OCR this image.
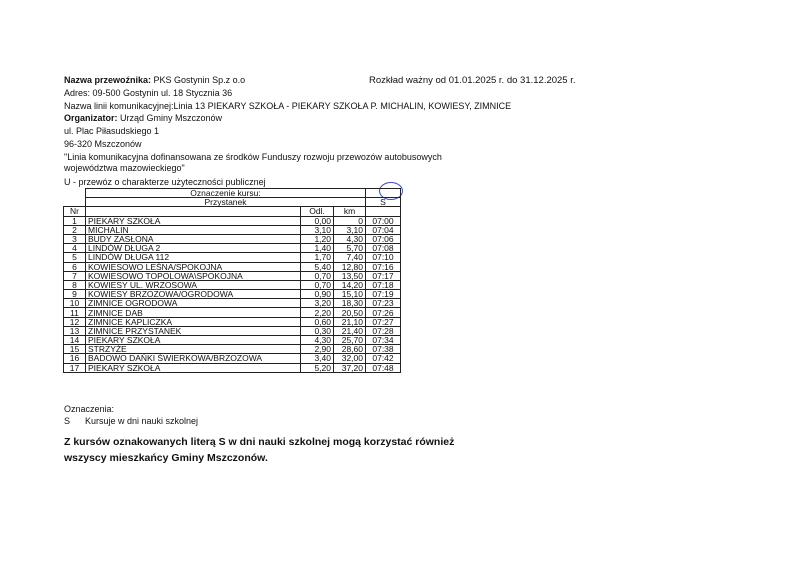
Nazwa przewoźnika: PKS Gostynin Sp.z o.o	Rozkład ważny od 01.01.2025 r. do 31.12.2025 r.
Adres: 09-500 Gostynin ul. 18 Stycznia 36
Nazwa linii komunikacyjnej:Linia 13 PIEKARY SZKOŁA - PIEKARY SZKOŁA P. MICHALIN, KOWIESY, ZIMNICE
Organizator: Urząd Gminy Mszczonów
ul. Plac Piłasudskiego 1
96-320 Mszczonów
"Linia komunikacyjna dofinansowana ze środków Funduszy rozwoju przewozów autobusowych
województwa mazowieckiego"
U - przewóz o charakterze użyteczności publicznej
	Oznaczenie kursu:			
	Przystanek			S
Nr		Odl.	km	
1	PIEKARY SZKOŁA	0,00	0	07:00
2	MICHALIN	3,10	3,10	07:04
3	BUDY ZASŁONA	1,20	4,30	07:06
4	LINDÓW DŁUGA 2	1,40	5,70	07:08
5	LINDÓW DŁUGA 112	1,70	7,40	07:10
6	KOWIESOWO LEŚNA/SPOKOJNA	5,40	12,80	07:16
7	KOWIESOWO TOPOLOWA\SPOKOJNA	0,70	13,50	07:17
8	KOWIESY UL. WRZOSOWA	0,70	14,20	07:18
9	KOWIESY BRZOZOWA/OGRODOWA	0,90	15,10	07:19
10	ZIMNICE OGRODOWA	3,20	18,30	07:23
11	ZIMNICE DAB	2,20	20,50	07:26
12	ZIMNICE KAPLICZKA	0,60	21,10	07:27
13	ZIMNICE PRZYSTANEK	0,30	21,40	07:28
14	PIEKARY SZKOŁA	4,30	25,70	07:34
15	STRZYŻE	2,90	28,60	07:38
16	BADOWO DAŃKI ŚWIERKOWA/BRZOZOWA	3,40	32,00	07:42
17	PIEKARY SZKOŁA	5,20	37,20	07:48
Oznaczenia:
S Kursuje w dni nauki szkolnej
Z kursów oznakowanych literą S w dni nauki szkolnej mogą korzystać również
wszyscy mieszkańcy Gminy Mszczonów.
